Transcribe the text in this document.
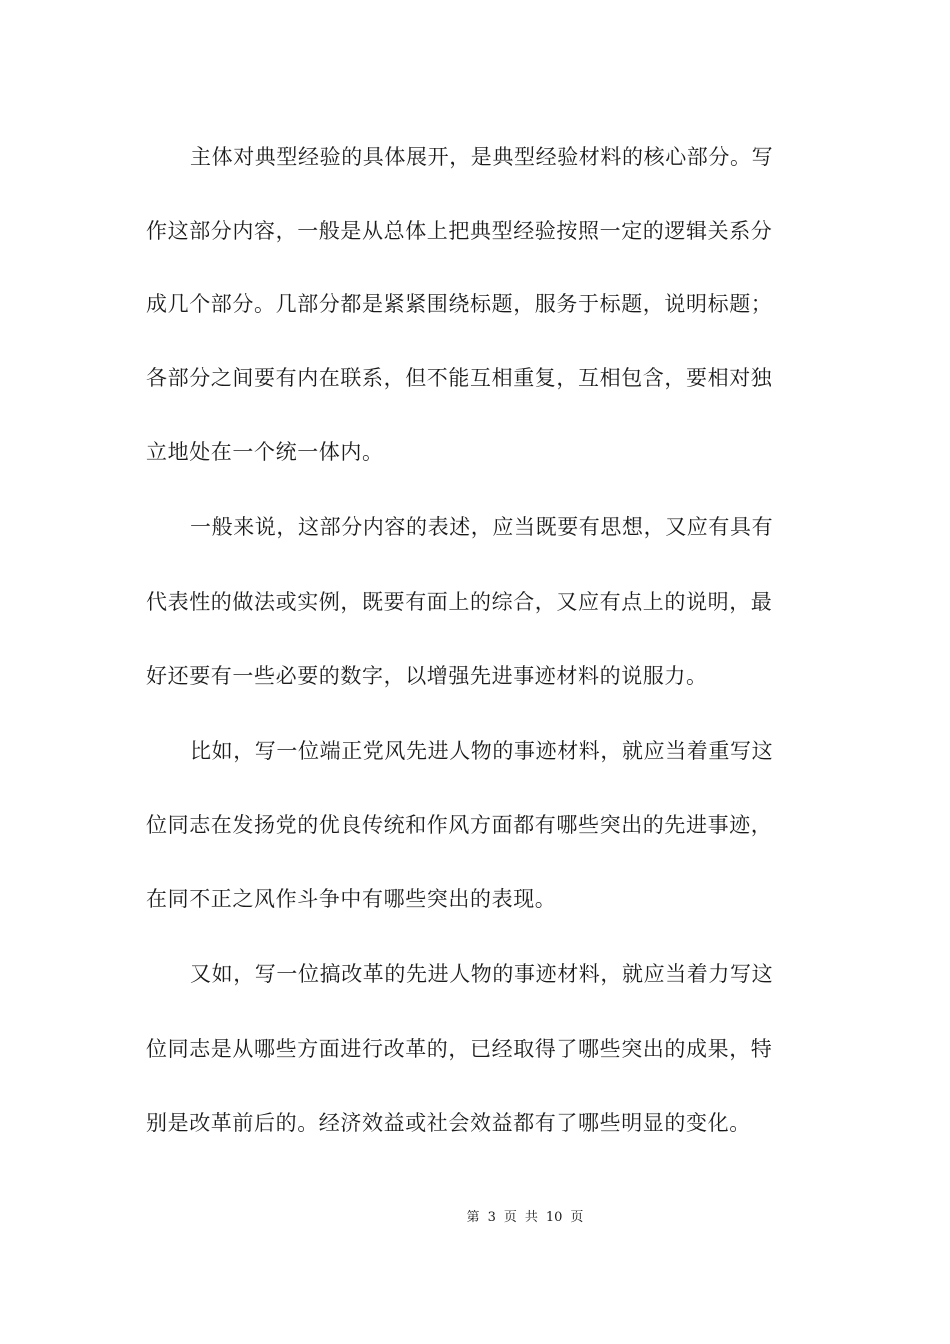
主体对典型经验的具体展开，是典型经验材料的核心部分。写
作这部分内容，一般是从总体上把典型经验按照一定的逻辑关系分
成几个部分。几部分都是紧紧围绕标题，服务于标题，说明标题；
各部分之间要有内在联系，但不能互相重复，互相包含，要相对独
立地处在一个统一体内。
一般来说，这部分内容的表述，应当既要有思想，又应有具有
代表性的做法或实例，既要有面上的综合，又应有点上的说明，最
好还要有一些必要的数字，以增强先进事迹材料的说服力。
比如，写一位端正党风先进人物的事迹材料，就应当着重写这
位同志在发扬党的优良传统和作风方面都有哪些突出的先进事迹，
在同不正之风作斗争中有哪些突出的表现。
又如，写一位搞改革的先进人物的事迹材料，就应当着力写这
位同志是从哪些方面进行改革的，已经取得了哪些突出的成果，特
别是改革前后的。经济效益或社会效益都有了哪些明显的变化。
第 3 页 共 10 页
